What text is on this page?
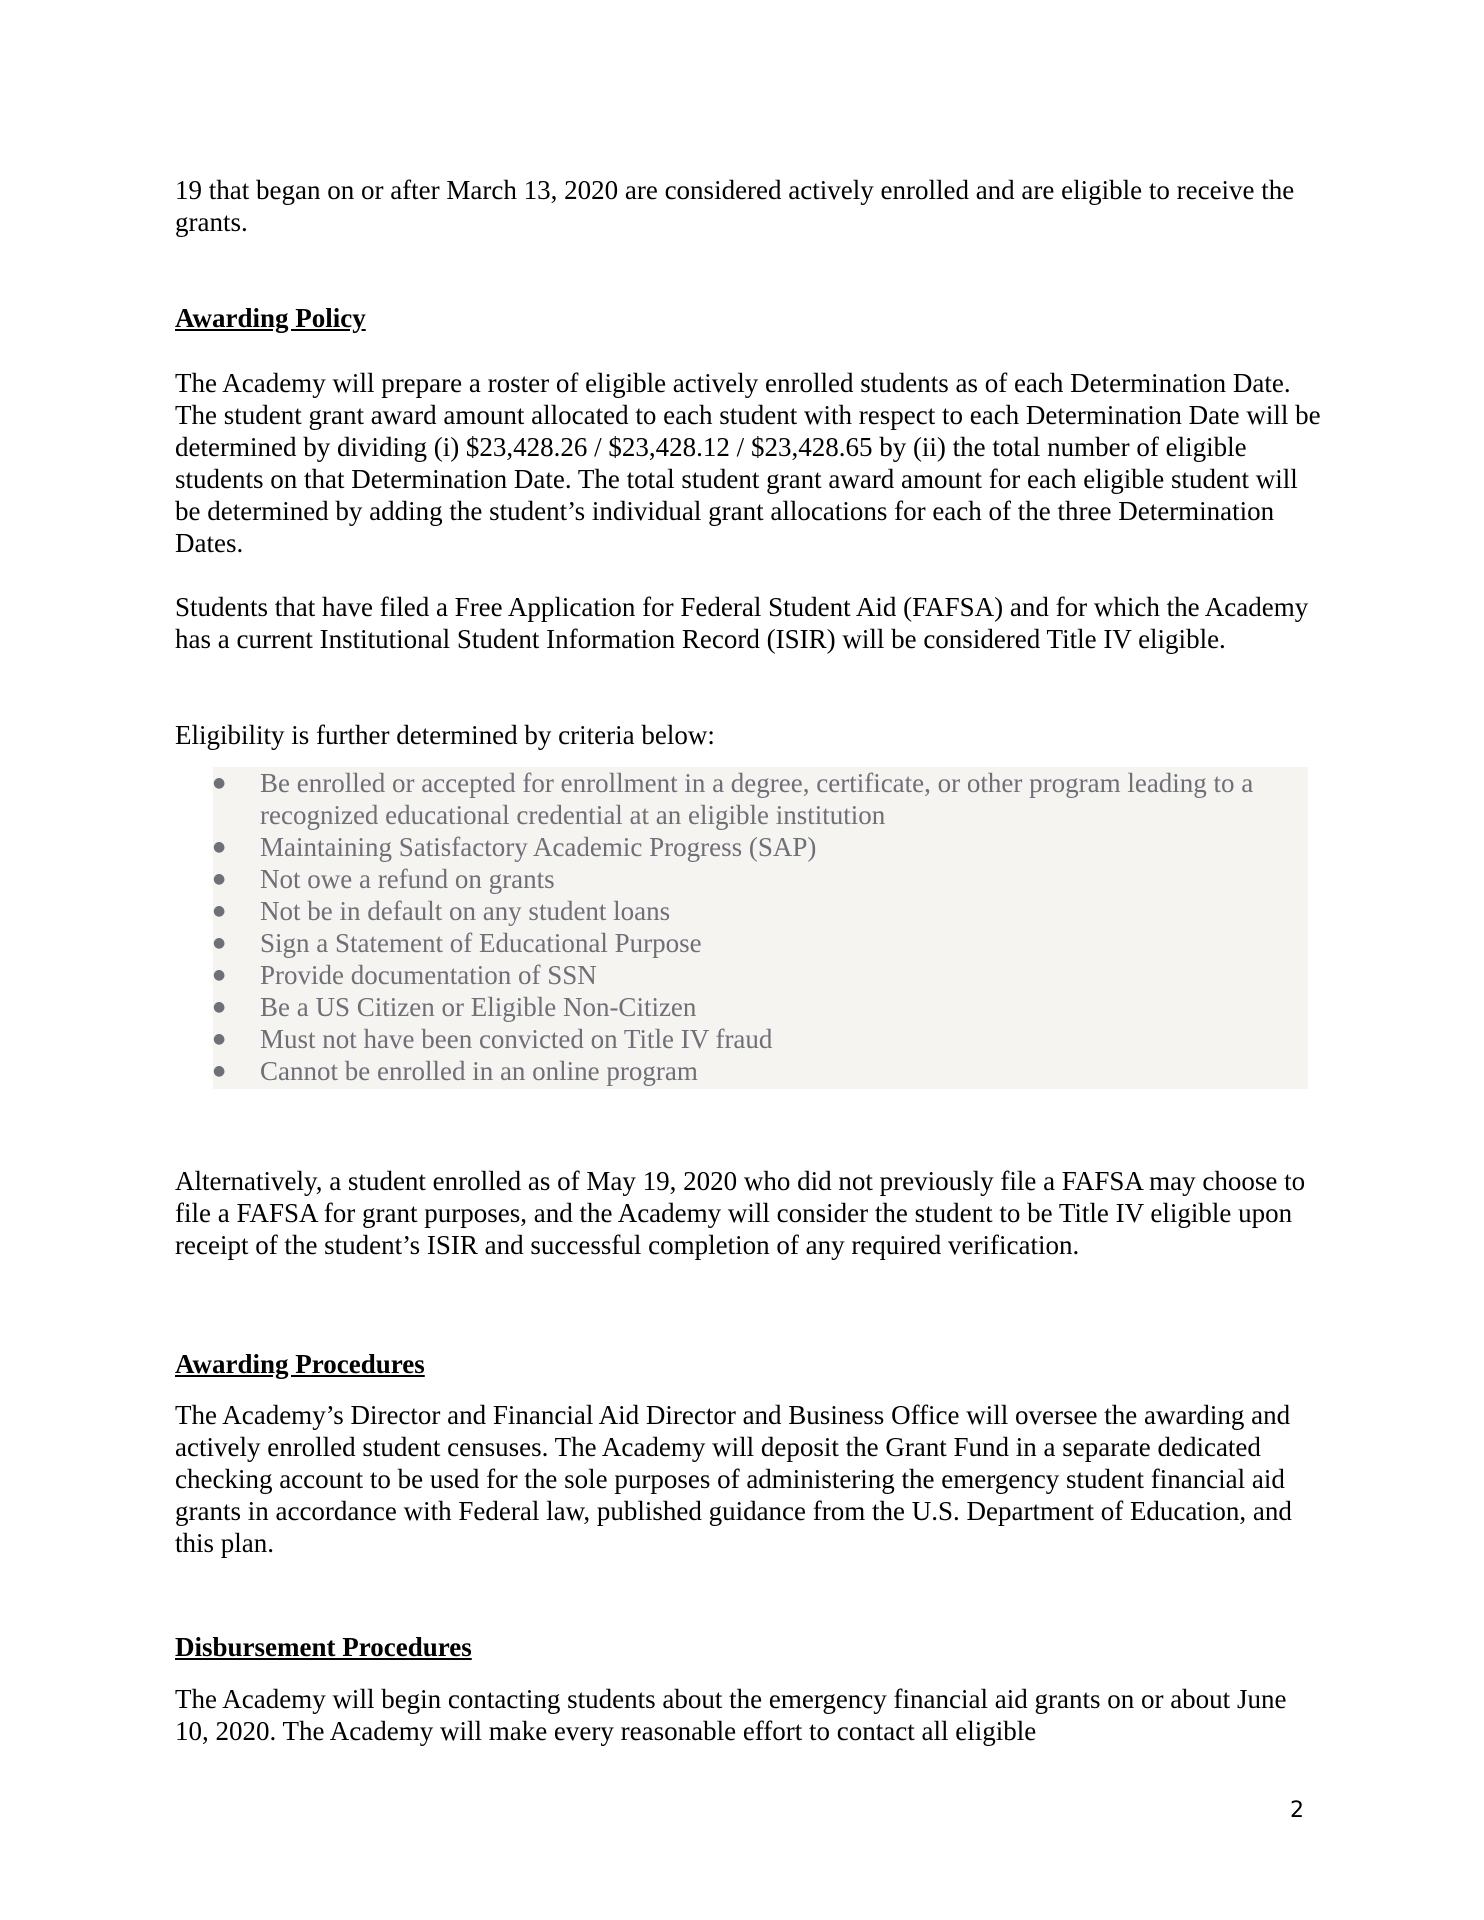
19 that began on or after March 13, 2020 are considered actively enrolled and are eligible to receive the grants.

Awarding Policy

The Academy will prepare a roster of eligible actively enrolled students as of each Determination Date. The student grant award amount allocated to each student with respect to each Determination Date will be determined by dividing (i) $23,428.26 / $23,428.12 / $23,428.65 by (ii) the total number of eligible students on that Determination Date. The total student grant award amount for each eligible student will be determined by adding the student’s individual grant allocations for each of the three Determination Dates.

Students that have filed a Free Application for Federal Student Aid (FAFSA) and for which the Academy has a current Institutional Student Information Record (ISIR) will be considered Title IV eligible.

Eligibility is further determined by criteria below:

●	Be enrolled or accepted for enrollment in a degree, certificate, or other program leading to a recognized educational credential at an eligible institution
●	Maintaining Satisfactory Academic Progress (SAP)
●	Not owe a refund on grants
●	Not be in default on any student loans
●	Sign a Statement of Educational Purpose
●	Provide documentation of SSN
●	Be a US Citizen or Eligible Non-Citizen
●	Must not have been convicted on Title IV fraud
●	Cannot be enrolled in an online program

Alternatively, a student enrolled as of May 19, 2020 who did not previously file a FAFSA may choose to file a FAFSA for grant purposes, and the Academy will consider the student to be Title IV eligible upon receipt of the student’s ISIR and successful completion of any required verification.

Awarding Procedures

The Academy’s Director and Financial Aid Director and Business Office will oversee the awarding and actively enrolled student censuses. The Academy will deposit the Grant Fund in a separate dedicated checking account to be used for the sole purposes of administering the emergency student financial aid grants in accordance with Federal law, published guidance from the U.S. Department of Education, and this plan.

Disbursement Procedures

The Academy will begin contacting students about the emergency financial aid grants on or about June 10, 2020. The Academy will make every reasonable effort to contact all eligible

2
